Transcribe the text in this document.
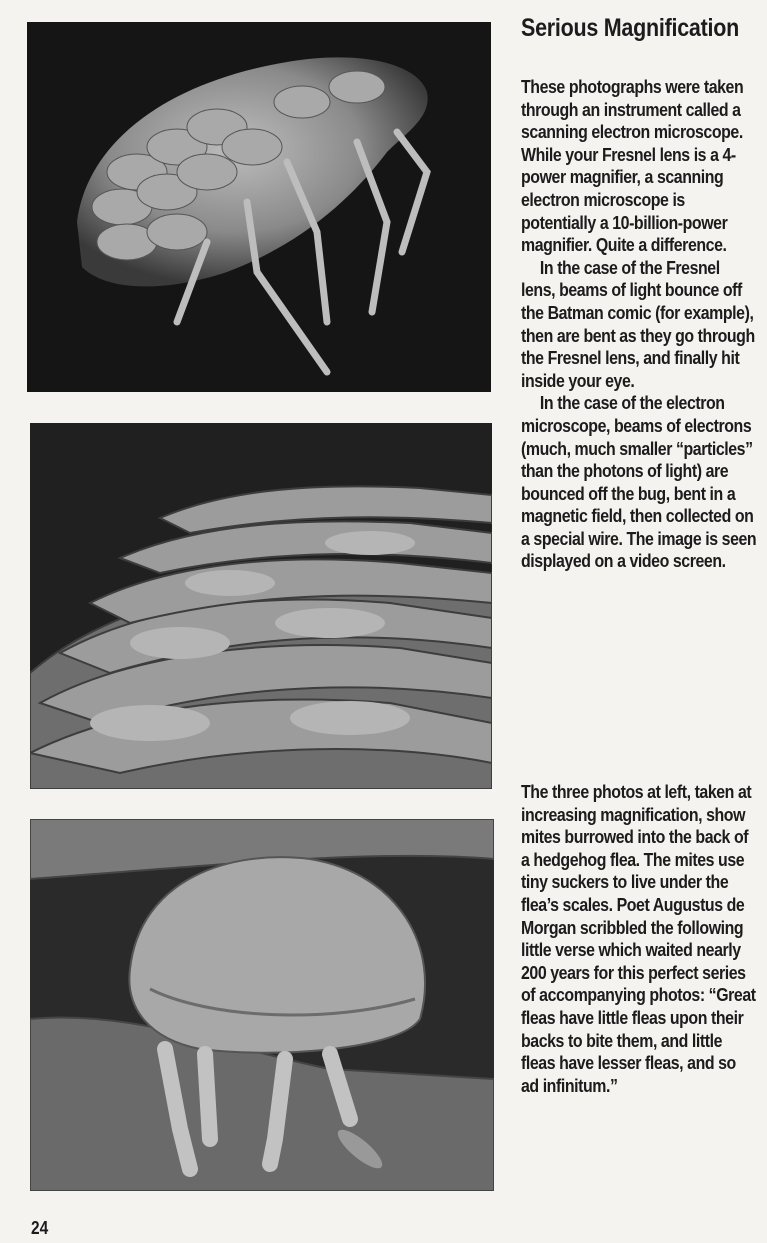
Serious Magnification

These photographs were taken through an instrument called a scanning electron microscope. While your Fresnel lens is a 4-power magnifier, a scanning electron microscope is potentially a 10-billion-power magnifier. Quite a difference.

In the case of the Fresnel lens, beams of light bounce off the Batman comic (for example), then are bent as they go through the Fresnel lens, and finally hit inside your eye.

In the case of the electron microscope, beams of electrons (much, much smaller “particles” than the photons of light) are bounced off the bug, bent in a magnetic field, then collected on a special wire. The image is seen displayed on a video screen.

The three photos at left, taken at increasing magnification, show mites burrowed into the back of a hedgehog flea. The mites use tiny suckers to live under the flea’s scales. Poet Augustus de Morgan scribbled the following little verse which waited nearly 200 years for this perfect series of accompanying photos: “Great fleas have little fleas upon their backs to bite them, and little fleas have lesser fleas, and so ad infinitum.”

24
